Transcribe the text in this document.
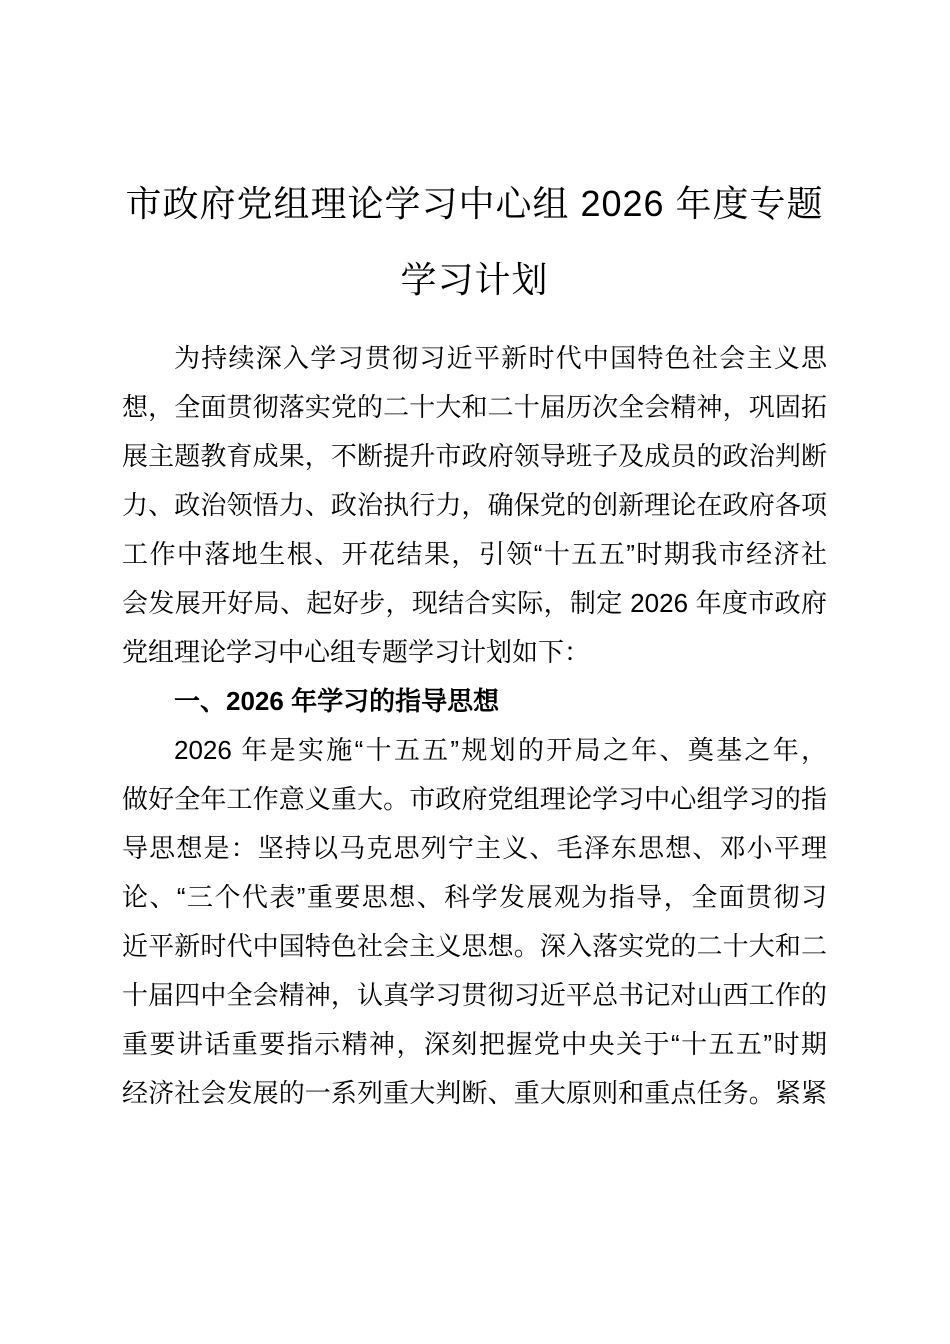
市政府党组理论学习中心组 2026 年度专题
学习计划
为持续深入学习贯彻习近平新时代中国特色社会主义思
想，全面贯彻落实党的二十大和二十届历次全会精神，巩固拓
展主题教育成果，不断提升市政府领导班子及成员的政治判断
力、政治领悟力、政治执行力，确保党的创新理论在政府各项
工作中落地生根、开花结果，引领“十五五”时期我市经济社
会发展开好局、起好步，现结合实际，制定 2026 年度市政府
党组理论学习中心组专题学习计划如下：
一、2026 年学习的指导思想
2026 年是实施“十五五”规划的开局之年、奠基之年，
做好全年工作意义重大。市政府党组理论学习中心组学习的指
导思想是：坚持以马克思列宁主义、毛泽东思想、邓小平理
论、“三个代表”重要思想、科学发展观为指导，全面贯彻习
近平新时代中国特色社会主义思想。深入落实党的二十大和二
十届四中全会精神，认真学习贯彻习近平总书记对山西工作的
重要讲话重要指示精神，深刻把握党中央关于“十五五”时期
经济社会发展的一系列重大判断、重大原则和重点任务。紧紧
